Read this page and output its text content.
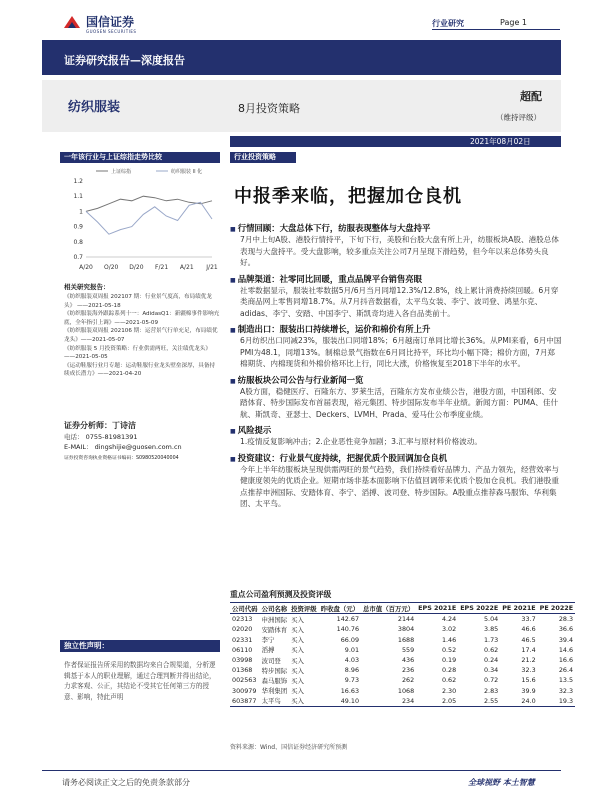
国信证券
GUOSEN SECURITIES
行业研究	Page 1
证券研究报告—深度报告
纺织服装	8月投资策略
超配
（维持评级）
2021年08月02日
一年该行业与上证综指走势比较
上证综指	纺织服装 II 化
1.2
1.1
1
0.9
0.8
0.7
A/20 O/20 D/20 F/21 A/21 J/21
相关研究报告：
《纺织服装双周报 202107 期：行业景气度高，布局绩优龙头》 ——2021-05-18
《纺织服装海外跟踪系列十一：AdidasQ1：新疆棉事件影响充底，全年指引上调》——2021-05-09
《纺织服装双周报 202106 期：运营景气行单充足，布局绩优龙头》——2021-05-07
《纺织服装 5 月投资策略：行业供需两旺，关注绩优龙头》——2021-05-05
《运动鞋服行业月专题：运动鞋服行业龙头壁垒深厚，具备持续成长潜力》——2021-04-20
证券分析师：丁诗洁
电话： 0755-81981391
E-MAIL： dingshijie@guosen.com.cn
证券投资咨询执业资格证书编码：S0980520040004
独立性声明：
作者保证报告所采用的数据均来自合规渠道，分析逻辑基于本人的职业理解，通过合理判断并得出结论，力求客观、公正，其结论不受其它任何第三方的授意、影响，特此声明
行业投资策略
中报季来临，把握加仓良机
■ 行情回顾：大盘总体下行，纺服表现整体与大盘持平
7月中上旬A股、港股行情持平，下旬下行，美股和台股大盘有所上升，纺服板块A股、港股总体表现与大盘持平。受大盘影响，较多重点关注公司7月呈现下滑趋势，但今年以来总体势头良好。
■ 品牌渠道：社零同比回暖，重点品牌平台销售亮眼
社零数据显示，服装社零数据5月/6月当月同增12.3%/12.8%，线上累计消费持续回暖。6月穿类商品网上零售同增18.7%。从7月抖音数据看，太平鸟女装、李宁、波司登、鸿星尔克、adidas、李宁、安踏、中国李宁、斯凯奇均进入各自品类前十。
■ 制造出口：服装出口持续增长，运价和棉价有所上升
6月纺织出口同减23%，服装出口同增18%；6月越南订单同比增长36%。从PMI来看，6月中国PMI为48.1，同增13%。制棉总景气指数在6月同比持平，环比均小幅下降；棉价方面，7月郑棉期货、内棉现货和外棉价格环比上行，同比大涨，价格恢复至2018下半年的水平。
■ 纺服板块公司公告与行业新闻一览
A股方面，稳健医疗、百隆东方、罗莱生活，百隆东方发布业绩公告，港股方面，中国利郎、安踏体育、特步国际发布首届表现，裕元集团、特步国际发布半年业绩。新闻方面：PUMA、佳什航、斯凯奇、亚瑟士、Deckers、LVMH、Prada、爱马仕公布季度业绩。
■ 风险提示
1.疫情反复影响冲击；2.企业恶性竞争加剧；3.汇率与原材料价格波动。
■ 投资建议：行业景气度持续，把握优质个股回调加仓良机
今年上半年纺服板块呈现供需两旺的景气趋势，我们持续看好品牌力、产品力领先，经营效率与健康度领先的优质企业。短期市场非基本面影响下估值回调带来优质个股加仓良机。我们港股重点推荐申洲国际、安踏体育、李宁、滔搏、波司登、特步国际。A股重点推荐森马服饰、华利集团、太平鸟。
重点公司盈利预测及投资评级
公司代码	公司名称	投资评级	昨收盘（元）	总市值（百万元）	EPS 2021E	EPS 2022E	PE 2021E	PE 2022E
02313	申洲国际	买入	142.67	2144	4.24	5.04	33.7	28.3
02020	安踏体育	买入	140.76	3804	3.02	3.85	46.6	36.6
02331	李宁	买入	66.09	1688	1.46	1.73	46.5	39.4
06110	滔搏	买入	9.01	559	0.52	0.62	17.4	14.6
03998	波司登	买入	4.03	436	0.19	0.24	21.2	16.6
01368	特步国际	买入	8.96	236	0.28	0.34	32.3	26.4
002563	森马服饰	买入	9.73	262	0.62	0.72	15.6	13.5
300979	华利集团	买入	16.63	1068	2.30	2.83	39.9	32.3
603877	太平鸟	买入	49.10	234	2.05	2.55	24.0	19.3
资料来源：Wind、国信证券经济研究所预测
请务必阅读正文之后的免责条款部分	全球视野 本土智慧
